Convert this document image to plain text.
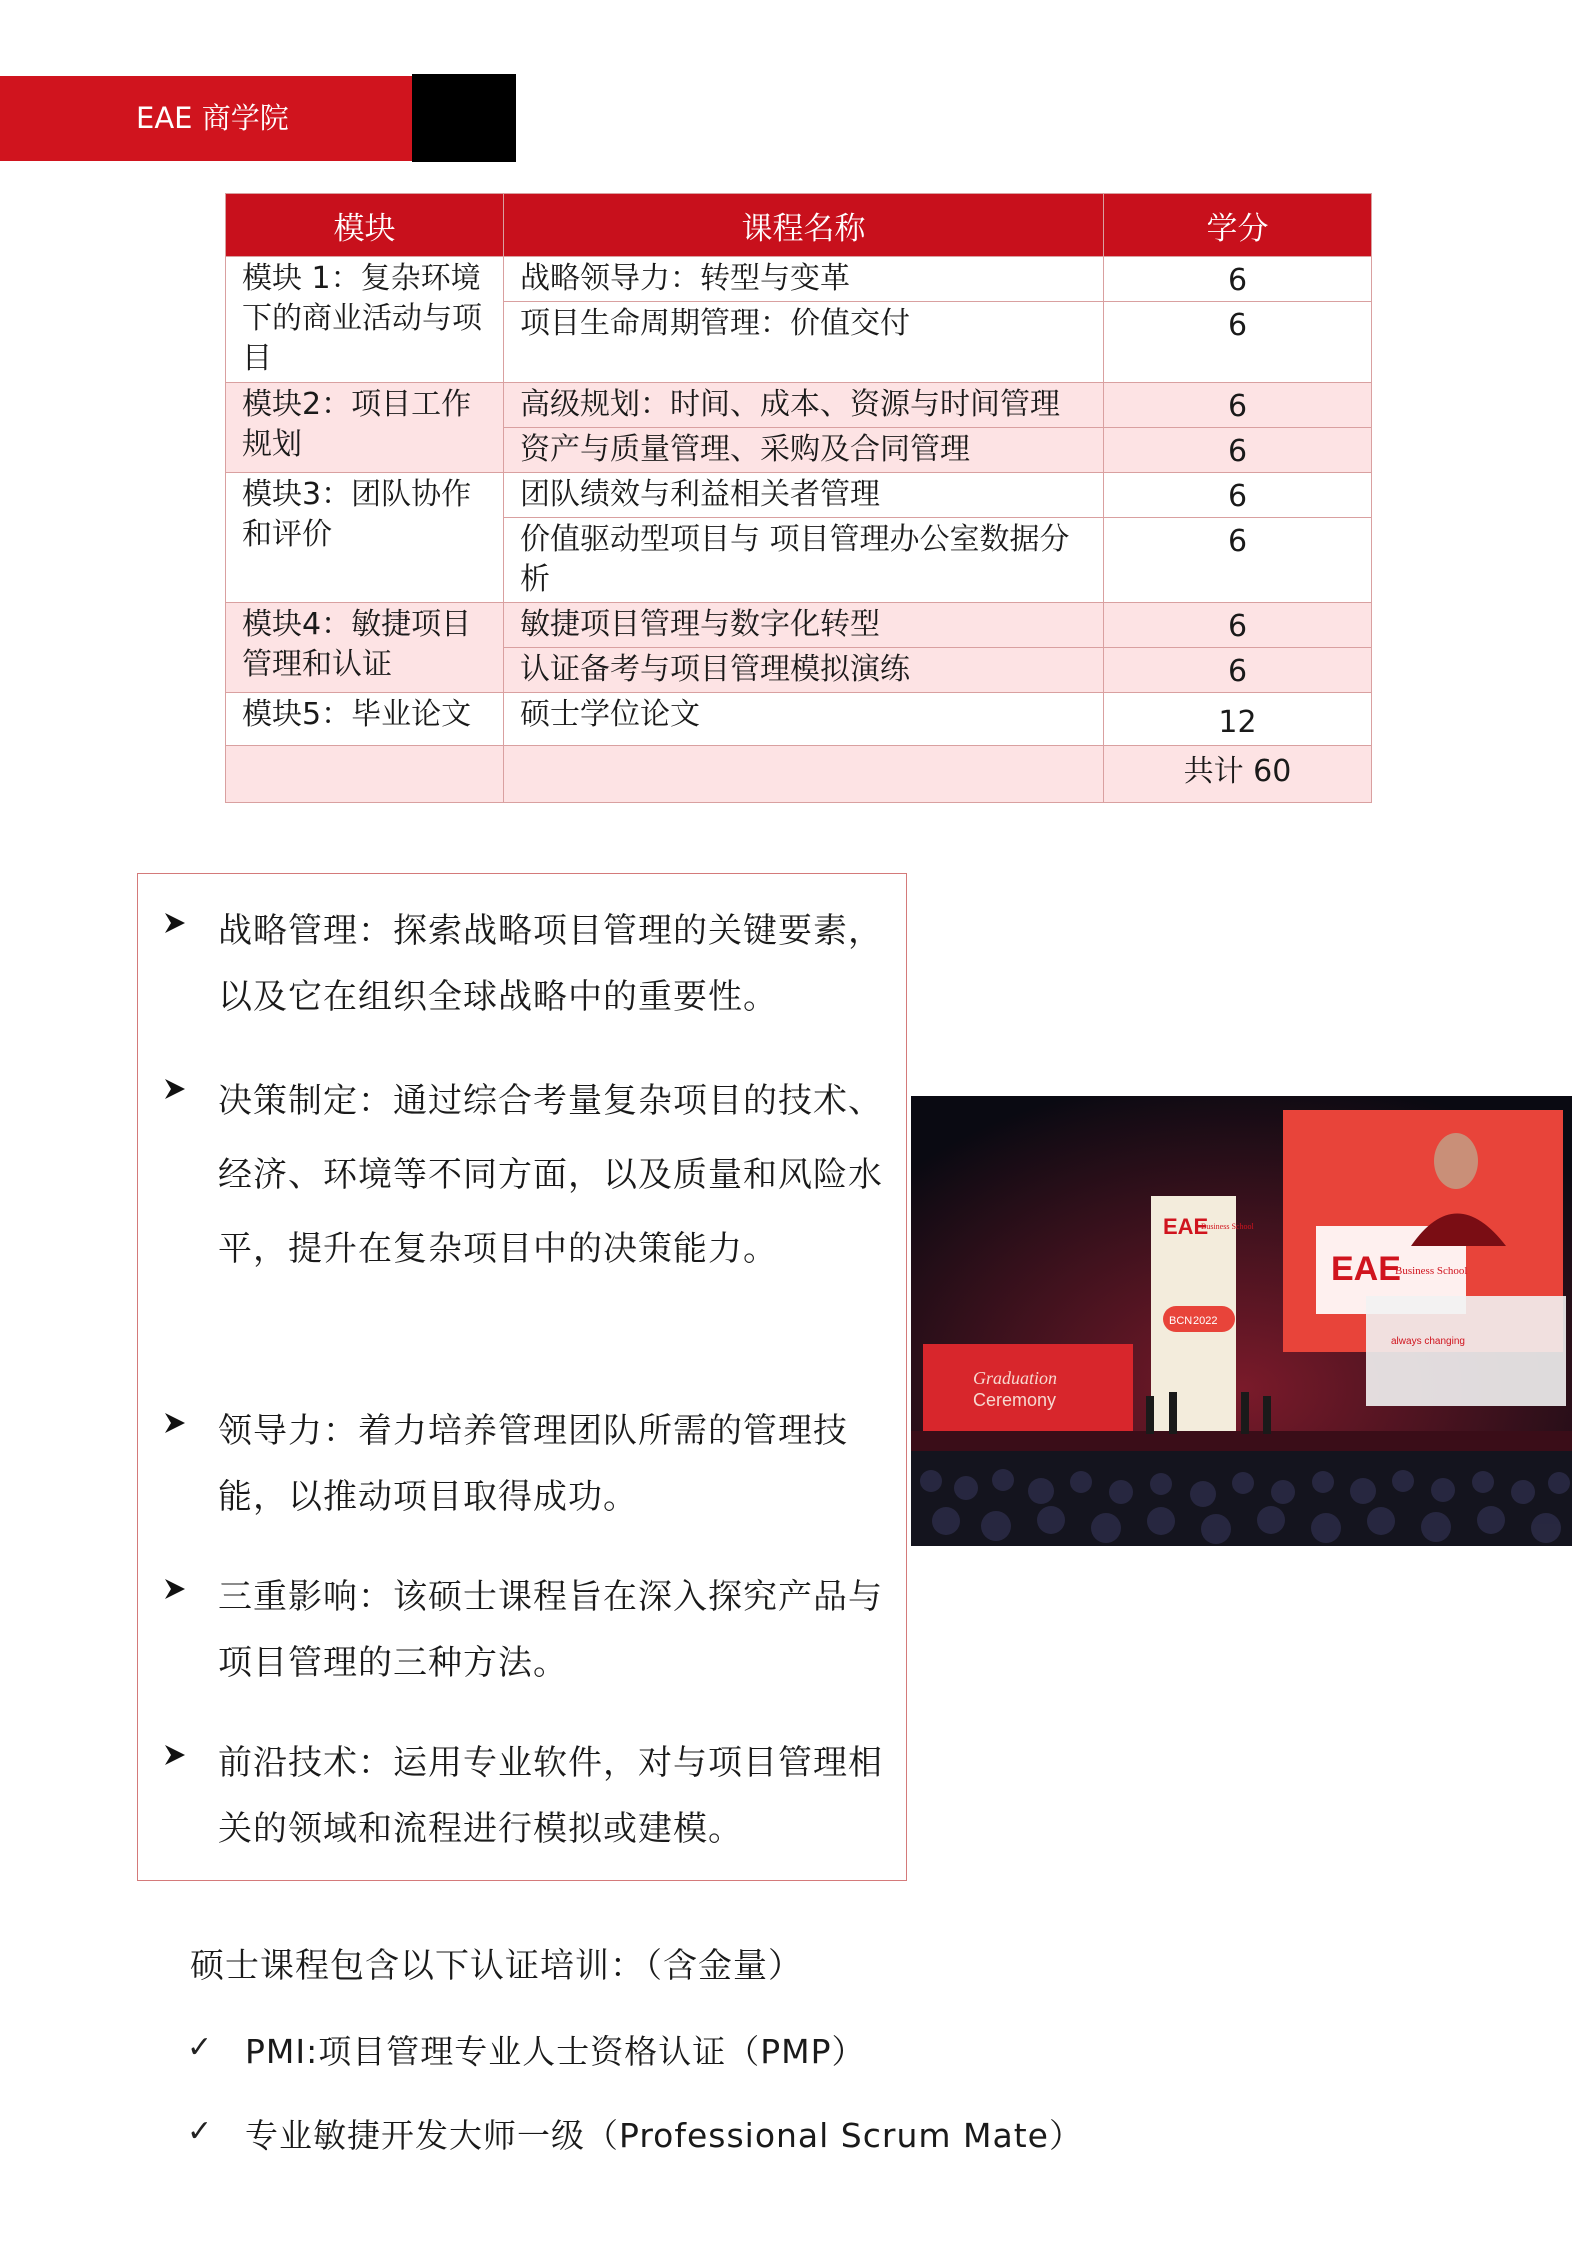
EAE 商学院
模块	课程名称	学分
模块 1：复杂环境下的商业活动与项目	战略领导力：转型与变革	6
	项目生命周期管理：价值交付	6
模块2：项目工作规划	高级规划：时间、成本、资源与时间管理	6
	资产与质量管理、采购及合同管理	6
模块3：团队协作和评价	团队绩效与利益相关者管理	6
	价值驱动型项目与 项目管理办公室数据分析	6
模块4：敏捷项目管理和认证	敏捷项目管理与数字化转型	6
	认证备考与项目管理模拟演练	6
模块5：毕业论文	硕士学位论文	12
		共计 60
战略管理：探索战略项目管理的关键要素，以及它在组织全球战略中的重要性。
决策制定：通过综合考量复杂项目的技术、经济、环境等不同方面，以及质量和风险水平，提升在复杂项目中的决策能力。
领导力：着力培养管理团队所需的管理技能，以推动项目取得成功。
三重影响：该硕士课程旨在深入探究产品与项目管理的三种方法。
前沿技术：运用专业软件，对与项目管理相关的领域和流程进行模拟或建模。
EAE
Business School
EAE
Business School
BCN 2022
Graduation
Ceremony
always changing
硕士课程包含以下认证培训：（含金量）
✓ PMI:项目管理专业人士资格认证（PMP）
✓ 专业敏捷开发大师一级（Professional Scrum Mate）
